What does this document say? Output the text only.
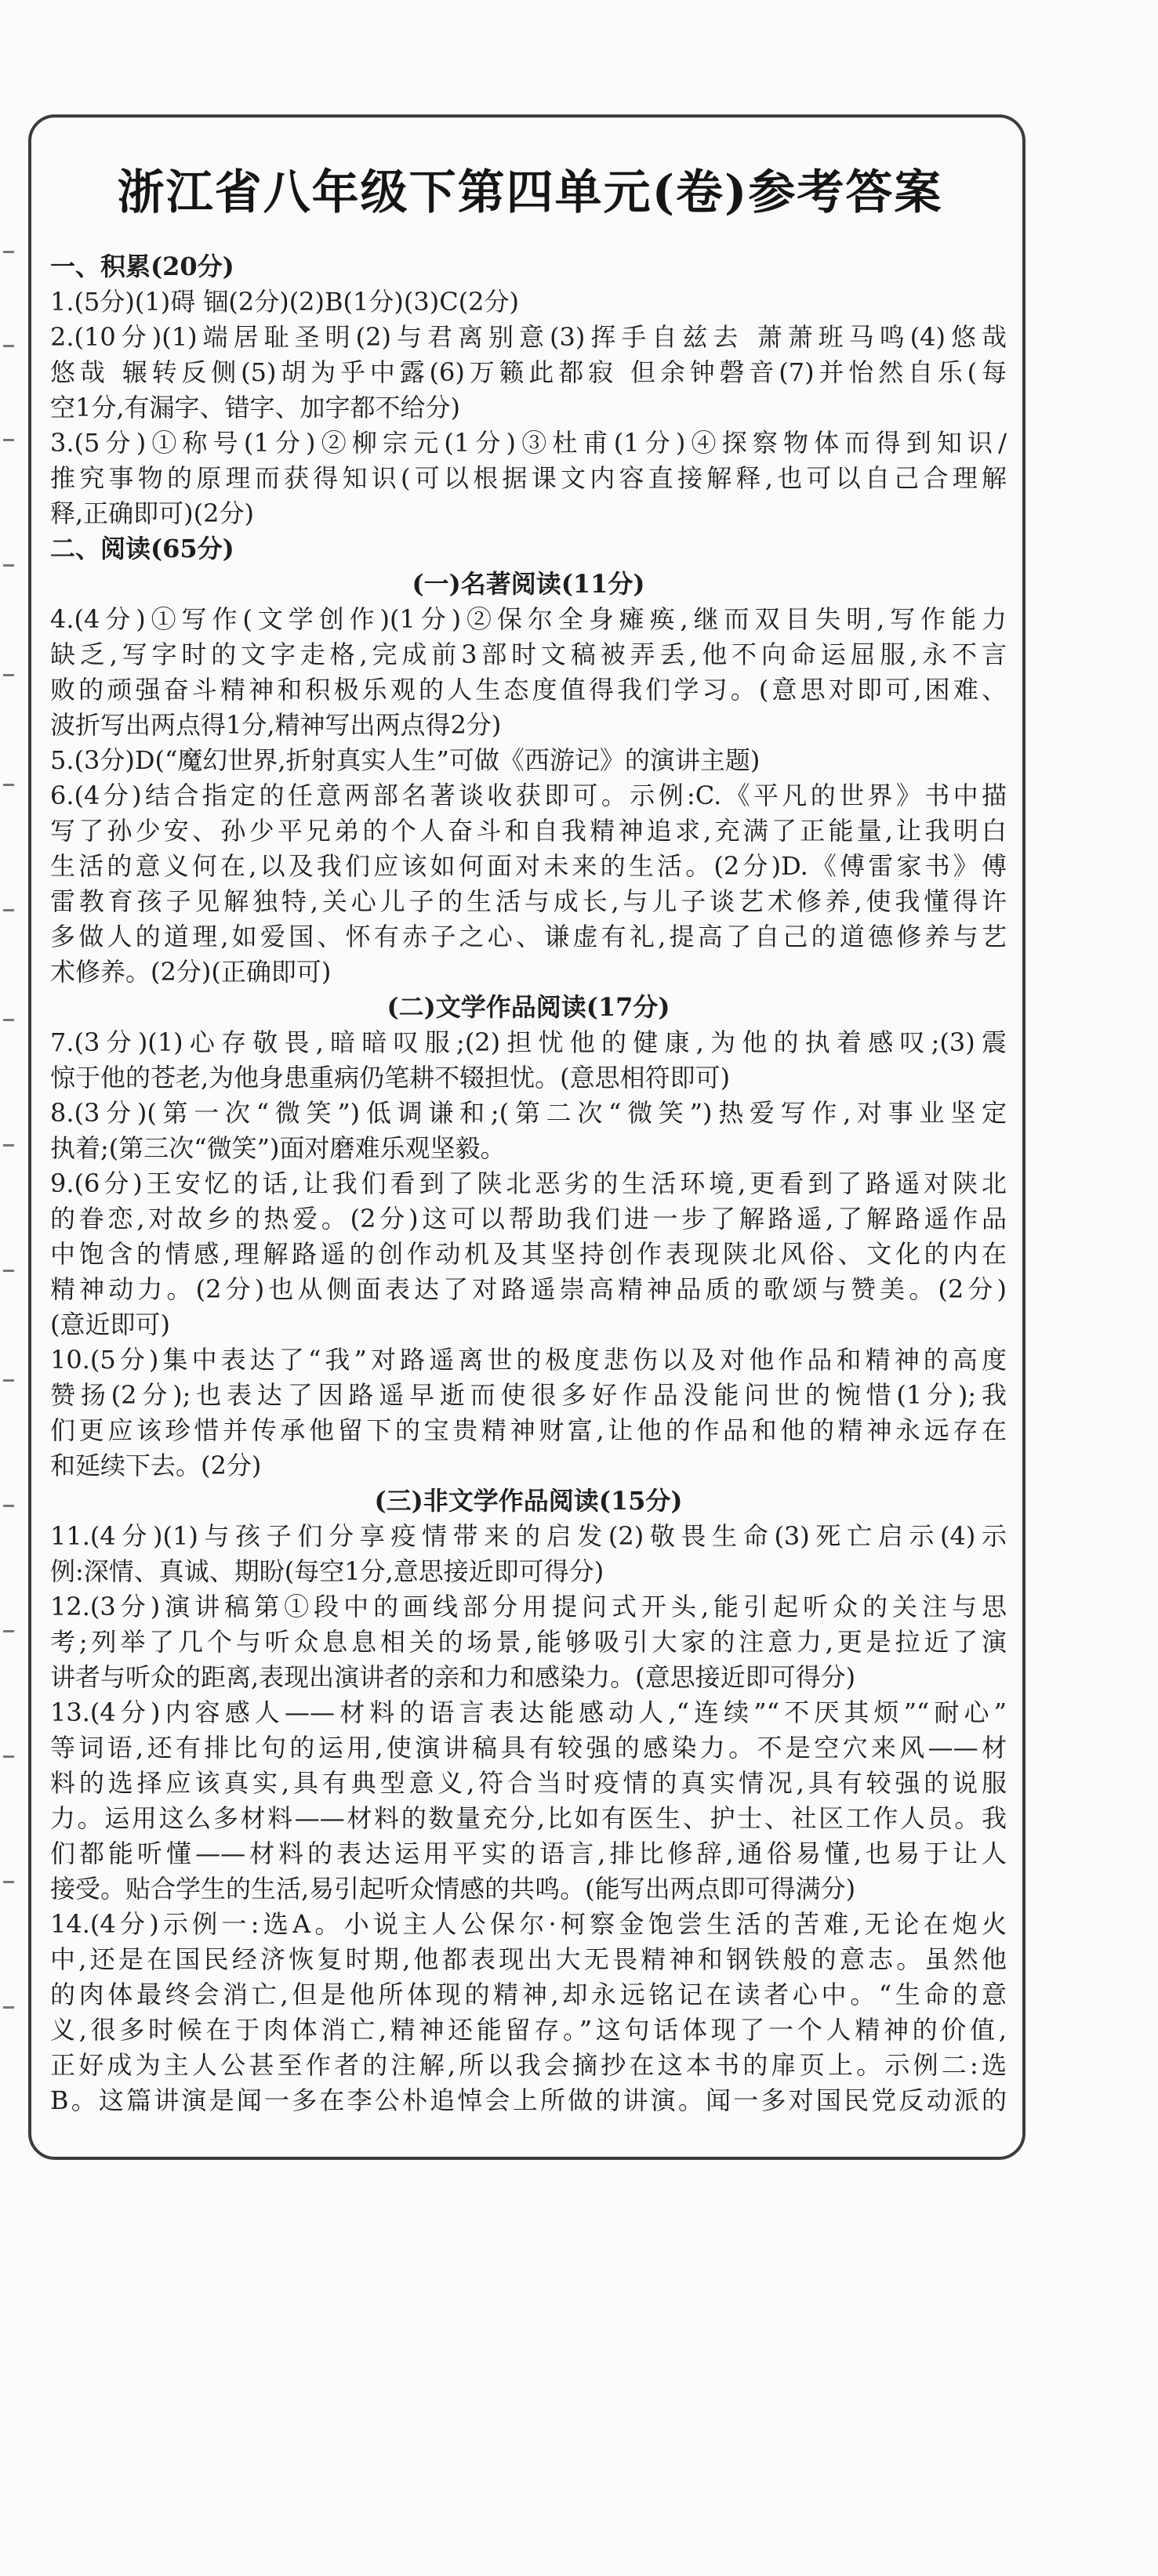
浙江省八年级下第四单元(卷)参考答案
一、积累(20分)
1.(5分)(1)碍 锢(2分)(2)B(1分)(3)C(2分)
2.(10分)(1)端居耻圣明(2)与君离别意(3)挥手自兹去 萧萧班马鸣(4)悠哉
悠哉 辗转反侧(5)胡为乎中露(6)万籁此都寂 但余钟磬音(7)并怡然自乐(每
空1分,有漏字、错字、加字都不给分)
3.(5分)①称号(1分)②柳宗元(1分)③杜甫(1分)④探察物体而得到知识/
推究事物的原理而获得知识(可以根据课文内容直接解释,也可以自己合理解
释,正确即可)(2分)
二、阅读(65分)
(一)名著阅读(11分)
4.(4分)①写作(文学创作)(1分)②保尔全身瘫痪,继而双目失明,写作能力
缺乏,写字时的文字走格,完成前3部时文稿被弄丢,他不向命运屈服,永不言
败的顽强奋斗精神和积极乐观的人生态度值得我们学习。(意思对即可,困难、
波折写出两点得1分,精神写出两点得2分)
5.(3分)D(“魔幻世界,折射真实人生”可做《西游记》的演讲主题)
6.(4分)结合指定的任意两部名著谈收获即可。示例:C.《平凡的世界》书中描
写了孙少安、孙少平兄弟的个人奋斗和自我精神追求,充满了正能量,让我明白
生活的意义何在,以及我们应该如何面对未来的生活。(2分)D.《傅雷家书》傅
雷教育孩子见解独特,关心儿子的生活与成长,与儿子谈艺术修养,使我懂得许
多做人的道理,如爱国、怀有赤子之心、谦虚有礼,提高了自己的道德修养与艺
术修养。(2分)(正确即可)
(二)文学作品阅读(17分)
7.(3分)(1)心存敬畏,暗暗叹服;(2)担忧他的健康,为他的执着感叹;(3)震
惊于他的苍老,为他身患重病仍笔耕不辍担忧。(意思相符即可)
8.(3分)(第一次“微笑”)低调谦和;(第二次“微笑”)热爱写作,对事业坚定
执着;(第三次“微笑”)面对磨难乐观坚毅。
9.(6分)王安忆的话,让我们看到了陕北恶劣的生活环境,更看到了路遥对陕北
的眷恋,对故乡的热爱。(2分)这可以帮助我们进一步了解路遥,了解路遥作品
中饱含的情感,理解路遥的创作动机及其坚持创作表现陕北风俗、文化的内在
精神动力。(2分)也从侧面表达了对路遥崇高精神品质的歌颂与赞美。(2分)
(意近即可)
10.(5分)集中表达了“我”对路遥离世的极度悲伤以及对他作品和精神的高度
赞扬(2分);也表达了因路遥早逝而使很多好作品没能问世的惋惜(1分);我
们更应该珍惜并传承他留下的宝贵精神财富,让他的作品和他的精神永远存在
和延续下去。(2分)
(三)非文学作品阅读(15分)
11.(4分)(1)与孩子们分享疫情带来的启发(2)敬畏生命(3)死亡启示(4)示
例:深情、真诚、期盼(每空1分,意思接近即可得分)
12.(3分)演讲稿第①段中的画线部分用提问式开头,能引起听众的关注与思
考;列举了几个与听众息息相关的场景,能够吸引大家的注意力,更是拉近了演
讲者与听众的距离,表现出演讲者的亲和力和感染力。(意思接近即可得分)
13.(4分)内容感人——材料的语言表达能感动人,“连续”“不厌其烦”“耐心”
等词语,还有排比句的运用,使演讲稿具有较强的感染力。不是空穴来风——材
料的选择应该真实,具有典型意义,符合当时疫情的真实情况,具有较强的说服
力。运用这么多材料——材料的数量充分,比如有医生、护士、社区工作人员。我
们都能听懂——材料的表达运用平实的语言,排比修辞,通俗易懂,也易于让人
接受。贴合学生的生活,易引起听众情感的共鸣。(能写出两点即可得满分)
14.(4分)示例一:选A。小说主人公保尔·柯察金饱尝生活的苦难,无论在炮火
中,还是在国民经济恢复时期,他都表现出大无畏精神和钢铁般的意志。虽然他
的肉体最终会消亡,但是他所体现的精神,却永远铭记在读者心中。“生命的意
义,很多时候在于肉体消亡,精神还能留存。”这句话体现了一个人精神的价值,
正好成为主人公甚至作者的注解,所以我会摘抄在这本书的扉页上。示例二:选
B。这篇讲演是闻一多在李公朴追悼会上所做的讲演。闻一多对国民党反动派的
